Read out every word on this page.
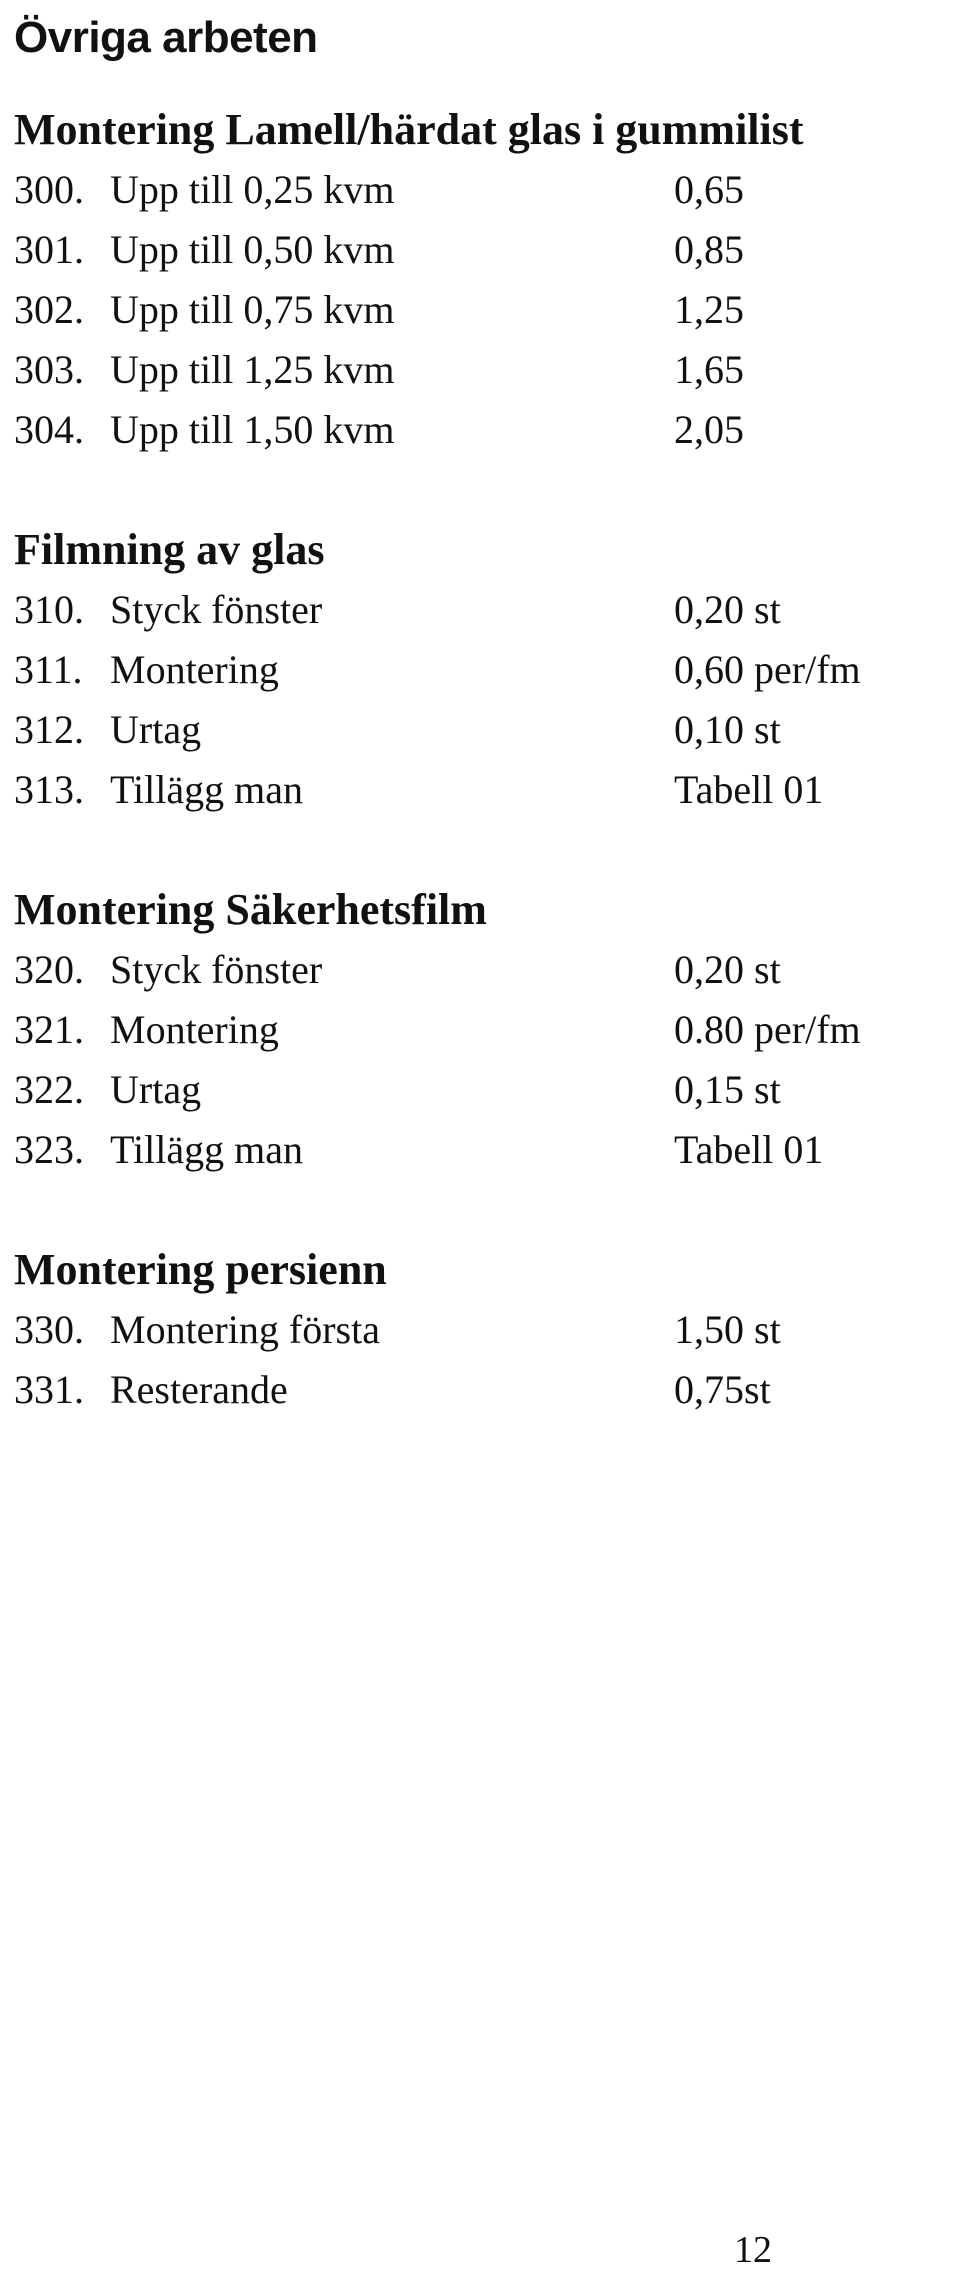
Övriga arbeten
Montering Lamell/härdat glas i gummilist
300. Upp till 0,25 kvm	0,65
301. Upp till 0,50 kvm	0,85
302. Upp till 0,75 kvm	1,25
303. Upp till 1,25 kvm	1,65
304. Upp till 1,50 kvm	2,05
Filmning av glas
310. Styck fönster	0,20 st
311. Montering	0,60 per/fm
312. Urtag	0,10 st
313. Tillägg man	Tabell 01
Montering Säkerhetsfilm
320. Styck fönster	0,20 st
321. Montering	0.80 per/fm
322. Urtag	0,15 st
323. Tillägg man	Tabell 01
Montering persienn
330. Montering första	1,50 st
331. Resterande	0,75st
12
